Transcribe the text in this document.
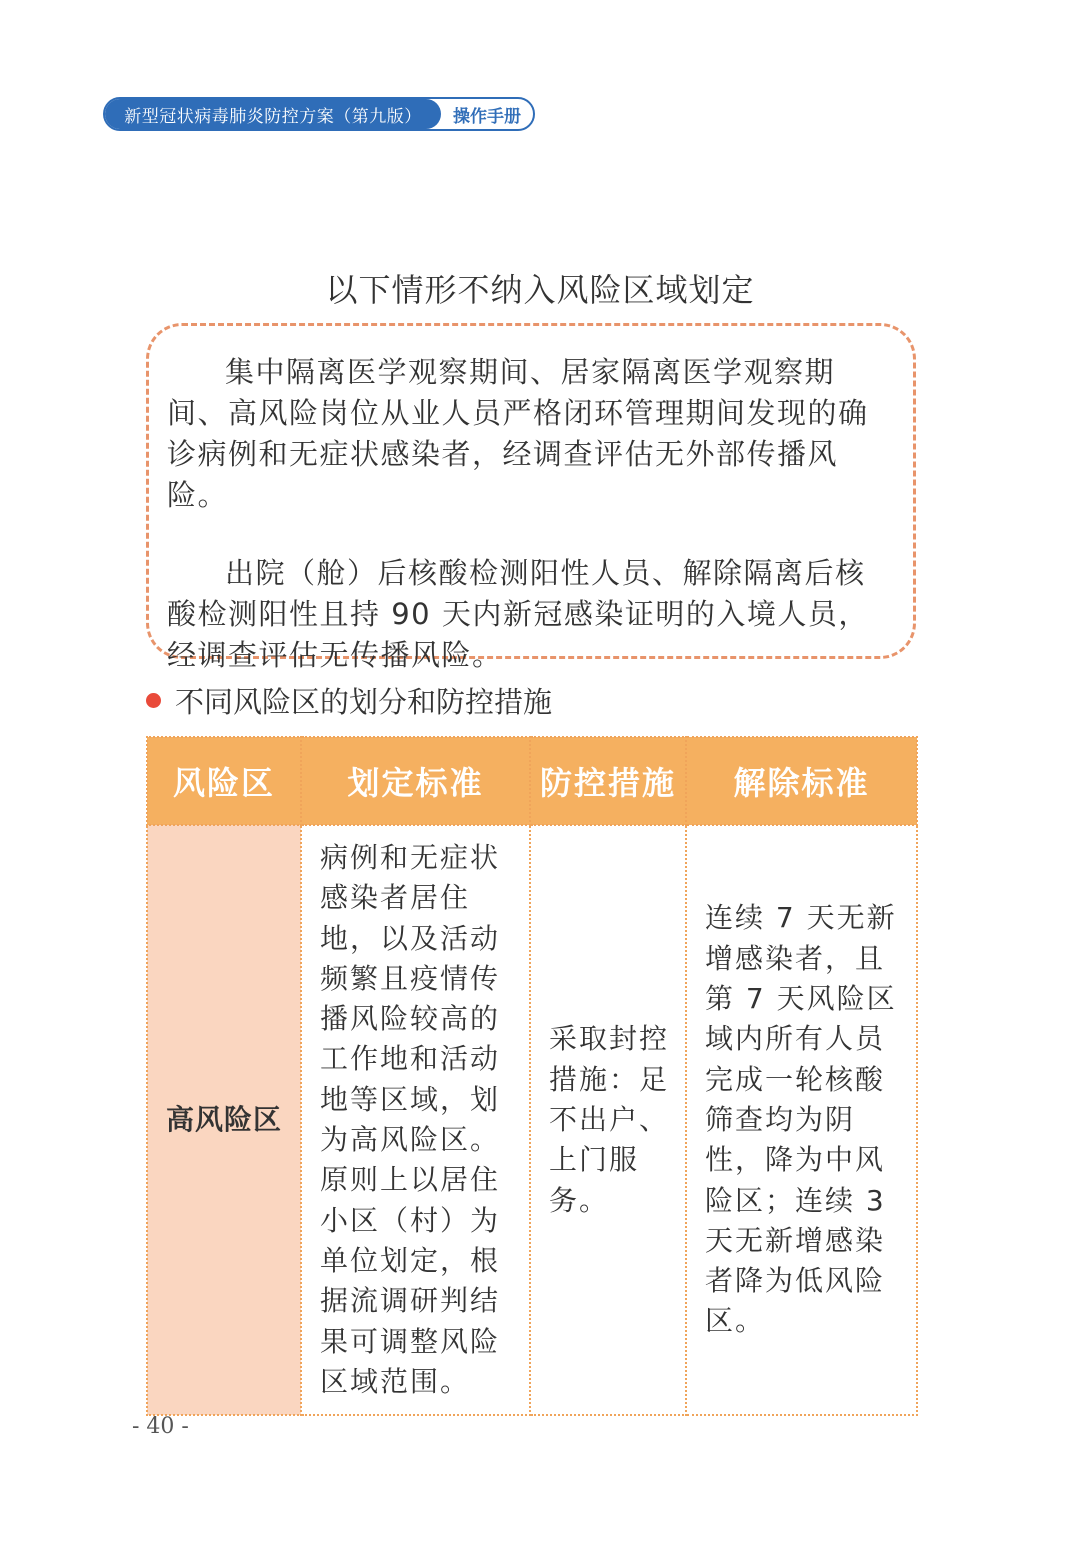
新型冠状病毒肺炎防控方案（第九版）	操作手册
以下情形不纳入风险区域划定

集中隔离医学观察期间、居家隔离医学观察期间、高风险岗位从业人员严格闭环管理期间发现的确诊病例和无症状感染者，经调查评估无外部传播风险。

出院（舱）后核酸检测阳性人员、解除隔离后核酸检测阳性且持 90 天内新冠感染证明的入境人员，经调查评估无传播风险。

不同风险区的划分和防控措施
风险区	划定标准	防控措施	解除标准
高风险区	病例和无症状感染者居住地，以及活动频繁且疫情传播风险较高的工作地和活动地等区域，划为高风险区。原则上以居住小区（村）为单位划定，根据流调研判结果可调整风险区域范围。	采取封控措施：足不出户、上门服务。	连续 7 天无新增感染者，且第 7 天风险区域内所有人员完成一轮核酸筛查均为阴性，降为中风险区；连续 3 天无新增感染者降为低风险区。
- 40 -
